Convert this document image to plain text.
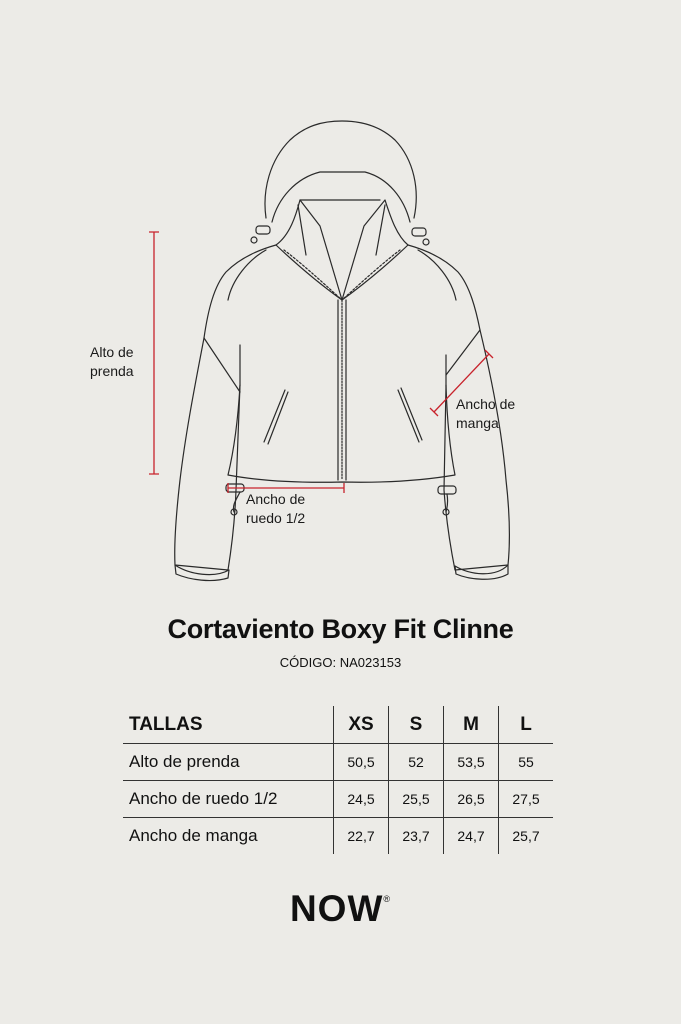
Alto de prenda
Ancho de manga
Ancho de ruedo 1/2
Cortaviento Boxy Fit Clinne
CÓDIGO: NA023153
TALLAS	XS	S	M	L
Alto de prenda	50,5	52	53,5	55
Ancho de ruedo 1/2	24,5	25,5	26,5	27,5
Ancho de manga	22,7	23,7	24,7	25,7
NOW®
